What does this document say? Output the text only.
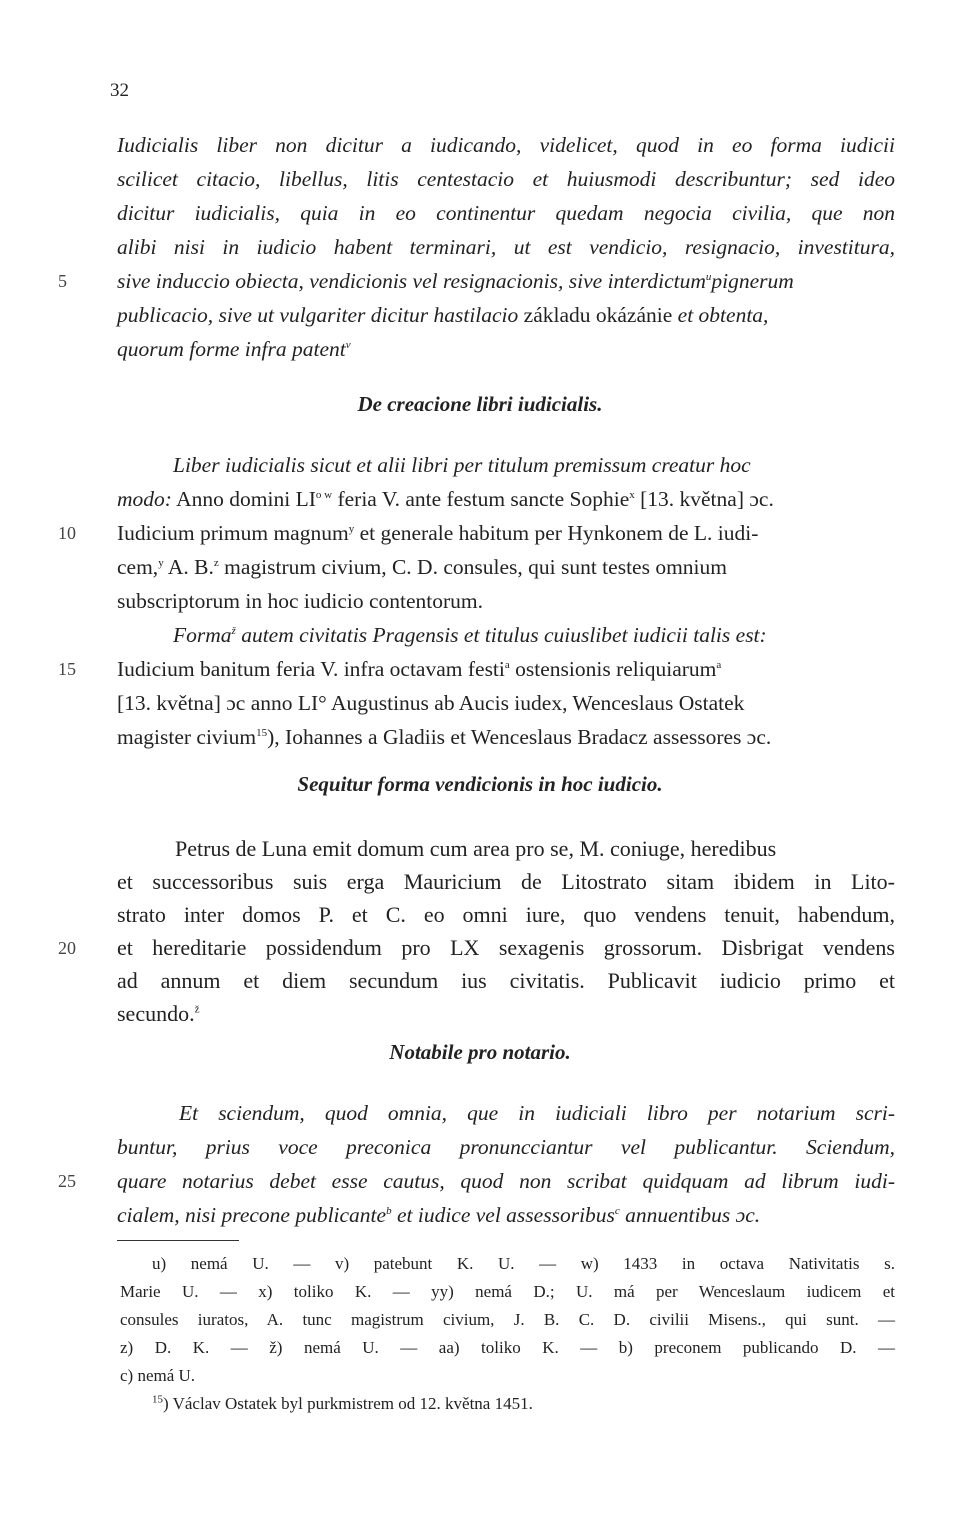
32
Iudicialis liber non dicitur a iudicando, videlicet, quod in eo forma iudicii
scilicet citacio, libellus, litis centestacio et huiusmodi describuntur; sed ideo
dicitur iudicialis, quia in eo continentur quedam negocia civilia, que non
alibi nisi in iudicio habent terminari, ut est vendicio, resignacio, investitura,
sive induccio obiecta, vendicionis vel resignacionis, sive interdictum$^u$pignerum
publicacio, sive ut vulgariter dicitur hastilacio základu okázánie et obtenta,
quorum forme infra patent$^v$
5
De creacione libri iudicialis.
Liber iudicialis sicut et alii libri per titulum premissum creatur hoc
modo: Anno domini $LI^{o w}$ feria V. ante festum sancte Sophie$^x$ [13. května] ɔc.
Iudicium primum magnum$^y$ et generale habitum per Hynkonem de L. iudi-
cem,$^y$ A. B.$^z$ magistrum civium, C. D. consules, qui sunt testes omnium
subscriptorum in hoc iudicio contentorum.
Forma$^ž$ autem civitatis Pragensis et titulus cuiuslibet iudicii talis est:
Iudicium banitum feria V. infra octavam festi$^a$ ostensionis reliquiarum$^a$
[13. května] ɔc anno LI° Augustinus ab Aucis iudex, Wenceslaus Ostatek
magister civium$^{15}$), Iohannes a Gladiis et Wenceslaus Bradacz assessores ɔc.
10
15
Sequitur forma vendicionis in hoc iudicio.
Petrus de Luna emit domum cum area pro se, M. coniuge, heredibus
et successoribus suis erga Mauricium de Litostrato sitam ibidem in Lito-
strato inter domos P. et C. eo omni iure, quo vendens tenuit, habendum,
et hereditarie possidendum pro LX sexagenis grossorum. Disbrigat vendens
ad annum et diem secundum ius civitatis. Publicavit iudicio primo et
secundo.$^ž$
20
Notabile pro notario.
Et sciendum, quod omnia, que in iudiciali libro per notarium scri-
buntur, prius voce preconica pronuncciantur vel publicantur. Sciendum,
quare notarius debet esse cautus, quod non scribat quidquam ad librum iudi-
cialem, nisi precone publicante$^b$ et iudice vel assessoribus$^c$ annuentibus ɔc.
25
u) nemá U. — v) patebunt K. U. — w) 1433 in octava Nativitatis s.
Marie U. — x) toliko K. — yy) nemá D.; U. má per Wenceslaum iudicem et
consules iuratos, A. tunc magistrum civium, J. B. C. D. civilii Misens., qui sunt. —
z) D. K. — ž) nemá U. — aa) toliko K. — b) preconem publicando D. —
c) nemá U.
$^{15}$) Václav Ostatek byl purkmistrem od 12. května 1451.
